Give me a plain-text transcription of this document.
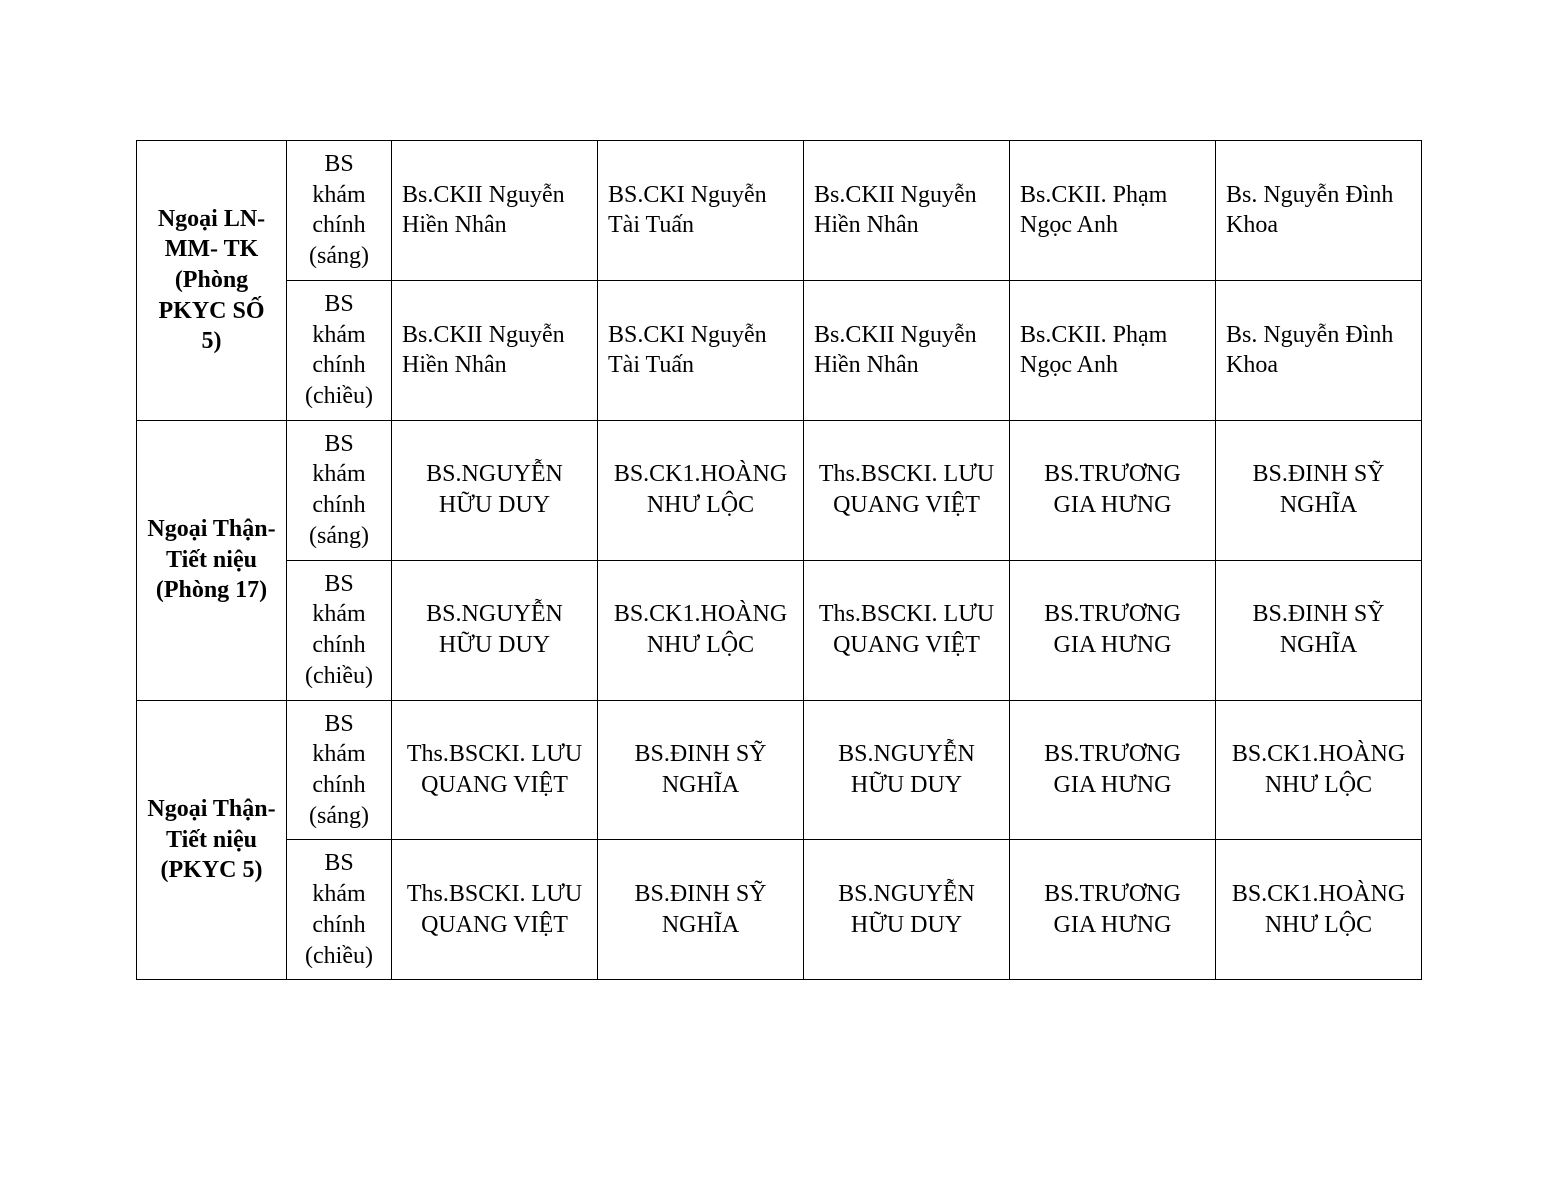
Ngoại LN- MM- TK (Phòng PKYC SỐ 5)	BS khám chính (sáng)	Bs.CKII Nguyễn Hiền Nhân	BS.CKI Nguyễn Tài Tuấn	Bs.CKII Nguyễn Hiền Nhân	Bs.CKII. Phạm Ngọc Anh	Bs. Nguyễn Đình Khoa
	BS khám chính (chiều)	Bs.CKII Nguyễn Hiền Nhân	BS.CKI Nguyễn Tài Tuấn	Bs.CKII Nguyễn Hiền Nhân	Bs.CKII. Phạm Ngọc Anh	Bs. Nguyễn Đình Khoa
Ngoại Thận-Tiết niệu (Phòng 17)	BS khám chính (sáng)	BS.NGUYỄN HỮU DUY	BS.CK1.HOÀNG NHƯ LỘC	Ths.BSCKI. LƯU QUANG VIỆT	BS.TRƯƠNG GIA HƯNG	BS.ĐINH SỸ NGHĨA
	BS khám chính (chiều)	BS.NGUYỄN HỮU DUY	BS.CK1.HOÀNG NHƯ LỘC	Ths.BSCKI. LƯU QUANG VIỆT	BS.TRƯƠNG GIA HƯNG	BS.ĐINH SỸ NGHĨA
Ngoại Thận-Tiết niệu (PKYC 5)	BS khám chính (sáng)	Ths.BSCKI. LƯU QUANG VIỆT	BS.ĐINH SỸ NGHĨA	BS.NGUYỄN HỮU DUY	BS.TRƯƠNG GIA HƯNG	BS.CK1.HOÀNG NHƯ LỘC
	BS khám chính (chiều)	Ths.BSCKI. LƯU QUANG VIỆT	BS.ĐINH SỸ NGHĨA	BS.NGUYỄN HỮU DUY	BS.TRƯƠNG GIA HƯNG	BS.CK1.HOÀNG NHƯ LỘC
